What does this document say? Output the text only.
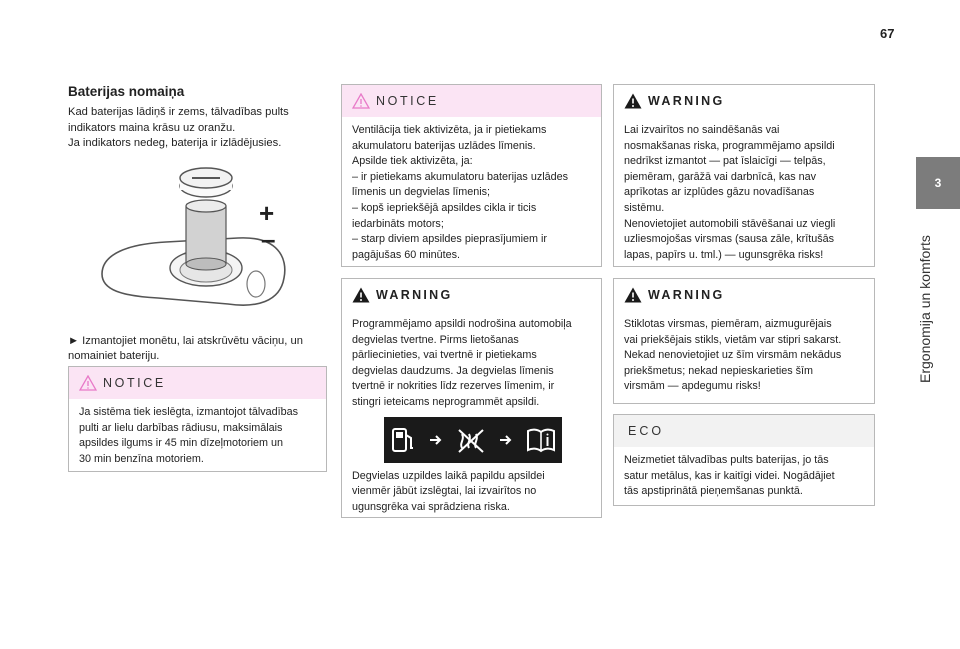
67
3
Ergonomija un komforts
Baterijas nomaiņa

Kad baterijas lādiņš ir zems, tālvadības pults
indikators maina krāsu uz oranžu.
Ja indikators nedeg, baterija ir izlādējusies.

+
–

► Izmantojiet monētu, lai atskrūvētu vāciņu, un
nomainiet bateriju.

NOTICE

Ja sistēma tiek ieslēgta, izmantojot tālvadības
pulti ar lielu darbības rādiusu, maksimālais
apsildes ilgums ir 45 min dīzeļmotoriem un
30 min benzīna motoriem.

NOTICE

Ventilācija tiek aktivizēta, ja ir pietiekams
akumulatoru baterijas uzlādes līmenis.
Apsilde tiek aktivizēta, ja:
– ir pietiekams akumulatoru baterijas uzlādes
līmenis un degvielas līmenis;
– kopš iepriekšējā apsildes cikla ir ticis
iedarbināts motors;
– starp diviem apsildes pieprasījumiem ir
pagājušas 60 minūtes.

WARNING

Programmējamo apsildi nodrošina automobiļa
degvielas tvertne. Pirms lietošanas
pārliecinieties, vai tvertnē ir pietiekams
degvielas daudzums. Ja degvielas līmenis
tvertnē ir nokrities līdz rezerves līmenim, ir
stingri ieteicams neprogrammēt apsildi.

Degvielas uzpildes laikā papildu apsildei
vienmēr jābūt izslēgtai, lai izvairītos no
ugunsgrēka vai sprādziena riska.

WARNING

Lai izvairītos no saindēšanās vai
nosmakšanas riska, programmējamo apsildi
nedrīkst izmantot — pat īslaicīgi — telpās,
piemēram, garāžā vai darbnīcā, kas nav
aprīkotas ar izplūdes gāzu novadīšanas
sistēmu.
Nenovietojiet automobili stāvēšanai uz viegli
uzliesmojošas virsmas (sausa zāle, krītušās
lapas, papīrs u. tml.) — ugunsgrēka risks!

WARNING

Stiklotas virsmas, piemēram, aizmugurējais
vai priekšējais stikls, vietām var stipri sakarst.
Nekad nenovietojiet uz šīm virsmām nekādus
priekšmetus; nekad nepieskarieties šīm
virsmām — apdegumu risks!

ECO

Neizmetiet tālvadības pults baterijas, jo tās
satur metālus, kas ir kaitīgi videi. Nogādājiet
tās apstiprinātā pieņemšanas punktā.
